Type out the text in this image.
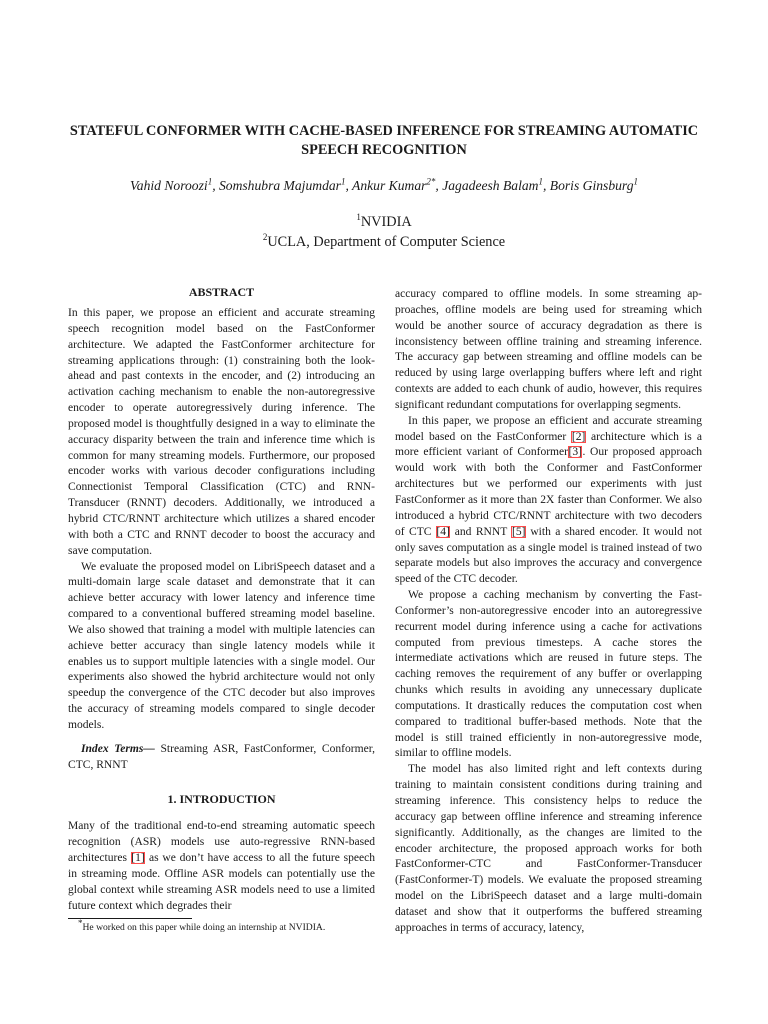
STATEFUL CONFORMER WITH CACHE-BASED INFERENCE FOR STREAMING AUTOMATIC SPEECH RECOGNITION
Vahid Noroozi$^1$, Somshubra Majumdar$^1$, Ankur Kumar$^{2*}$, Jagadeesh Balam$^1$, Boris Ginsburg$^1$
$^1$NVIDIA
$^2$UCLA, Department of Computer Science
ABSTRACT

In this paper, we propose an efficient and accurate streaming speech recognition model based on the FastConformer architecture. We adapted the FastConformer architecture for streaming applications through: (1) constraining both the look-ahead and past contexts in the encoder, and (2) introducing an activation caching mechanism to enable the non-autoregressive encoder to operate autoregressively during inference. The proposed model is thoughtfully designed in a way to eliminate the accuracy disparity between the train and inference time which is common for many streaming models. Furthermore, our proposed encoder works with various decoder configurations including Connectionist Temporal Classification (CTC) and RNN-Transducer (RNNT) decoders. Additionally, we introduced a hybrid CTC/RNNT architecture which utilizes a shared encoder with both a CTC and RNNT decoder to boost the accuracy and save computation.

We evaluate the proposed model on LibriSpeech dataset and a multi-domain large scale dataset and demonstrate that it can achieve better accuracy with lower latency and inference time compared to a conventional buffered streaming model baseline. We also showed that training a model with multiple latencies can achieve better accuracy than single latency models while it enables us to support multiple latencies with a single model. Our experiments also showed the hybrid architecture would not only speedup the convergence of the CTC decoder but also improves the accuracy of streaming models compared to single decoder models.

Index Terms— Streaming ASR, FastConformer, Conformer, CTC, RNNT

1. INTRODUCTION

Many of the traditional end-to-end streaming automatic speech recognition (ASR) models use auto-regressive RNN-based architectures [1] as we don’t have access to all the future speech in streaming mode. Offline ASR models can potentially use the global context while streaming ASR models need to use a limited future context which degrades their

accuracy compared to offline models. In some streaming approaches, offline models are being used for streaming which would be another source of accuracy degradation as there is inconsistency between offline training and streaming inference. The accuracy gap between streaming and offline models can be reduced by using large overlapping buffers where left and right contexts are added to each chunk of audio, however, this requires significant redundant computations for overlapping segments.

In this paper, we propose an efficient and accurate streaming model based on the FastConformer [2] architecture which is a more efficient variant of Conformer[3]. Our proposed approach would work with both the Conformer and FastConformer architectures but we performed our experiments with just FastConformer as it more than 2X faster than Conformer. We also introduced a hybrid CTC/RNNT architecture with two decoders of CTC [4] and RNNT [5] with a shared encoder. It would not only saves computation as a single model is trained instead of two separate models but also improves the accuracy and convergence speed of the CTC decoder.

We propose a caching mechanism by converting the FastConformer’s non-autoregressive encoder into an autoregressive recurrent model during inference using a cache for activations computed from previous timesteps. A cache stores the intermediate activations which are reused in future steps. The caching removes the requirement of any buffer or overlapping chunks which results in avoiding any unnecessary duplicate computations. It drastically reduces the computation cost when compared to traditional buffer-based methods. Note that the model is still trained efficiently in non-autoregressive mode, similar to offline models.

The model has also limited right and left contexts during training to maintain consistent conditions during training and streaming inference. This consistency helps to reduce the accuracy gap between offline inference and streaming inference significantly. Additionally, as the changes are limited to the encoder architecture, the proposed approach works for both FastConformer-CTC and FastConformer-Transducer (FastConformer-T) models. We evaluate the proposed streaming model on the LibriSpeech dataset and a large multi-domain dataset and show that it outperforms the buffered streaming approaches in terms of accuracy, latency,

*He worked on this paper while doing an internship at NVIDIA.
